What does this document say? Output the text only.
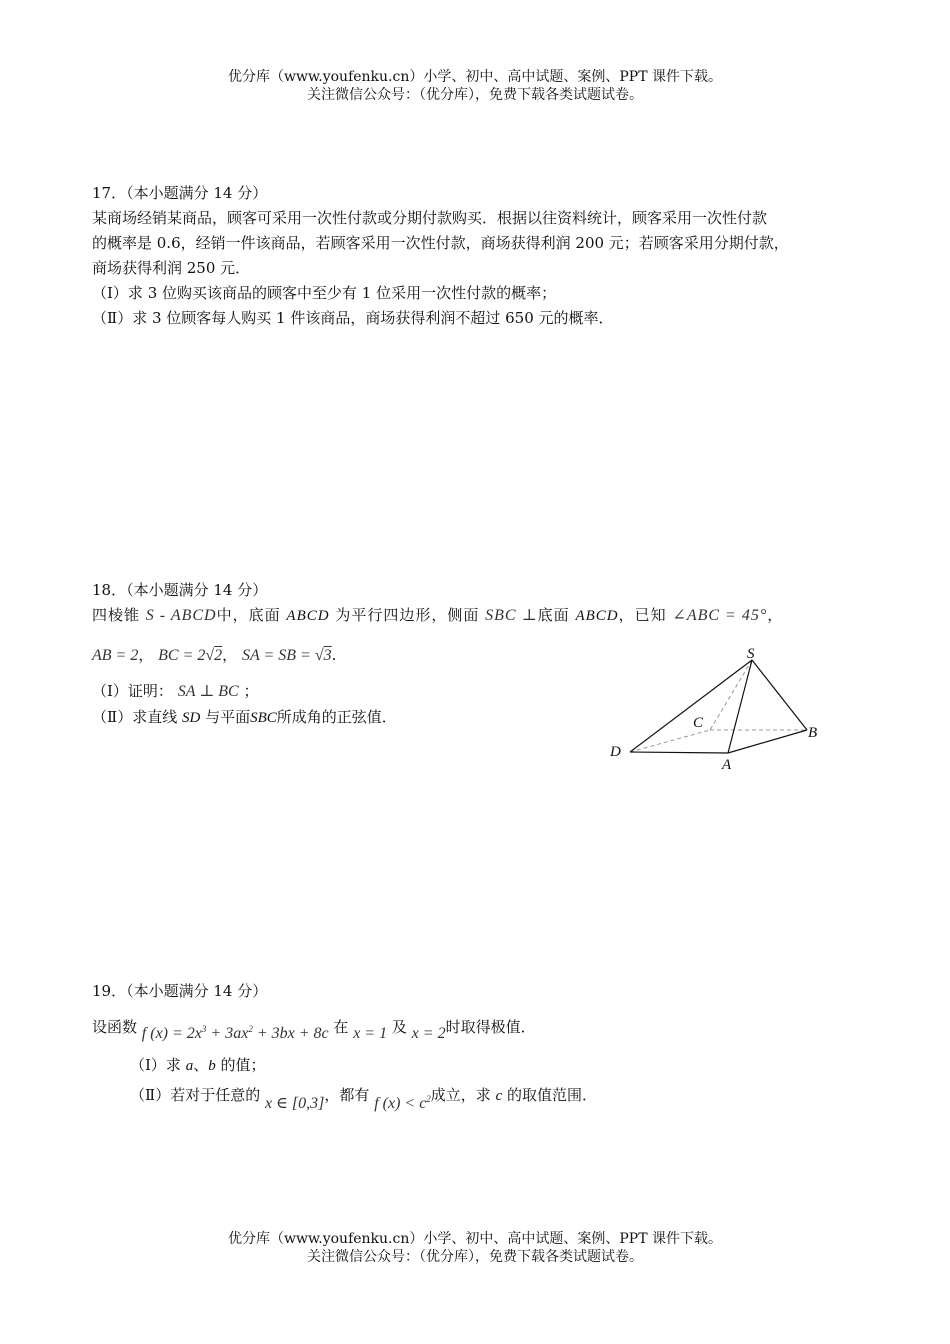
优分库（www.youfenku.cn）小学、初中、高中试题、案例、PPT 课件下载。
关注微信公众号：（优分库），免费下载各类试题试卷。
17．（本小题满分 14 分）
某商场经销某商品，顾客可采用一次性付款或分期付款购买．根据以往资料统计，顾客采用一次性付款
的概率是 0.6，经销一件该商品，若顾客采用一次性付款，商场获得利润 200 元；若顾客采用分期付款，
商场获得利润 250 元．
（Ⅰ）求 3 位购买该商品的顾客中至少有 1 位采用一次性付款的概率；
（Ⅱ）求 3 位顾客每人购买 1 件该商品，商场获得利润不超过 650 元的概率．
18．（本小题满分 14 分）
四棱锥 S - ABCD中，底面 ABCD 为平行四边形，侧面 SBC ⊥底面 ABCD，已知 ∠ABC = 45°，
AB = 2， BC = 2√2， SA = SB = √3.
（Ⅰ）证明： SA ⊥ BC ；
（Ⅱ）求直线 SD 与平面SBC所成角的正弦值．
S
C
B
D
A
19．（本小题满分 14 分）
设函数 f $(x) = 2x^3 + 3ax^2 + 3bx + 8c$ 在 x = 1 及 x = 2时取得极值．
（Ⅰ）求 a、b 的值；
（Ⅱ）若对于任意的 x ∈ [0,3]，都有 f $(x) < c^2$成立，求 c 的取值范围．
优分库（www.youfenku.cn）小学、初中、高中试题、案例、PPT 课件下载。
关注微信公众号：（优分库），免费下载各类试题试卷。
